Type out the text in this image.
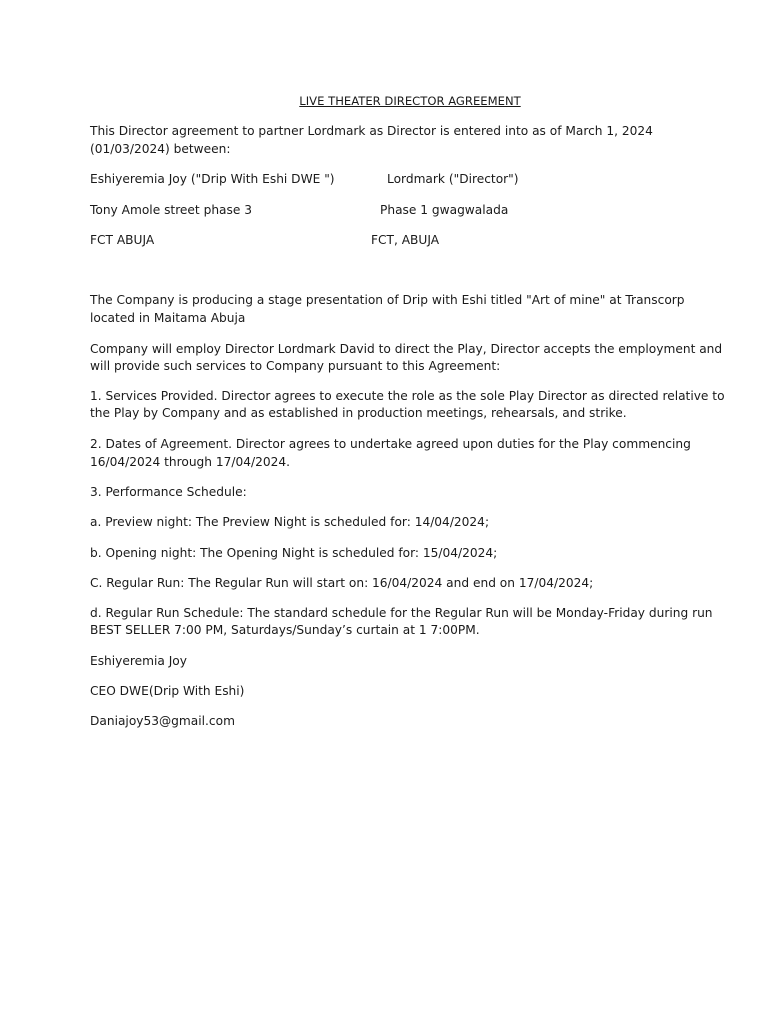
LIVE THEATER DIRECTOR AGREEMENT
This Director agreement to partner Lordmark as Director is entered into as of March 1, 2024
(01/03/2024) between:
Eshiyeremia Joy ("Drip With Eshi DWE ")	Lordmark ("Director")
Tony Amole street phase 3	Phase 1 gwagwalada
FCT ABUJA	FCT, ABUJA
The Company is producing a stage presentation of Drip with Eshi titled "Art of mine" at Transcorp
located in Maitama Abuja
Company will employ Director Lordmark David to direct the Play, Director accepts the employment and
will provide such services to Company pursuant to this Agreement:
1. Services Provided. Director agrees to execute the role as the sole Play Director as directed relative to
the Play by Company and as established in production meetings, rehearsals, and strike.
2. Dates of Agreement. Director agrees to undertake agreed upon duties for the Play commencing
16/04/2024 through 17/04/2024.
3. Performance Schedule:
a. Preview night: The Preview Night is scheduled for: 14/04/2024;
b. Opening night: The Opening Night is scheduled for: 15/04/2024;
C. Regular Run: The Regular Run will start on: 16/04/2024 and end on 17/04/2024;
d. Regular Run Schedule: The standard schedule for the Regular Run will be Monday-Friday during run
BEST SELLER 7:00 PM, Saturdays/Sunday’s curtain at 1 7:00PM.
Eshiyeremia Joy
CEO DWE(Drip With Eshi)
Daniajoy53@gmail.com
